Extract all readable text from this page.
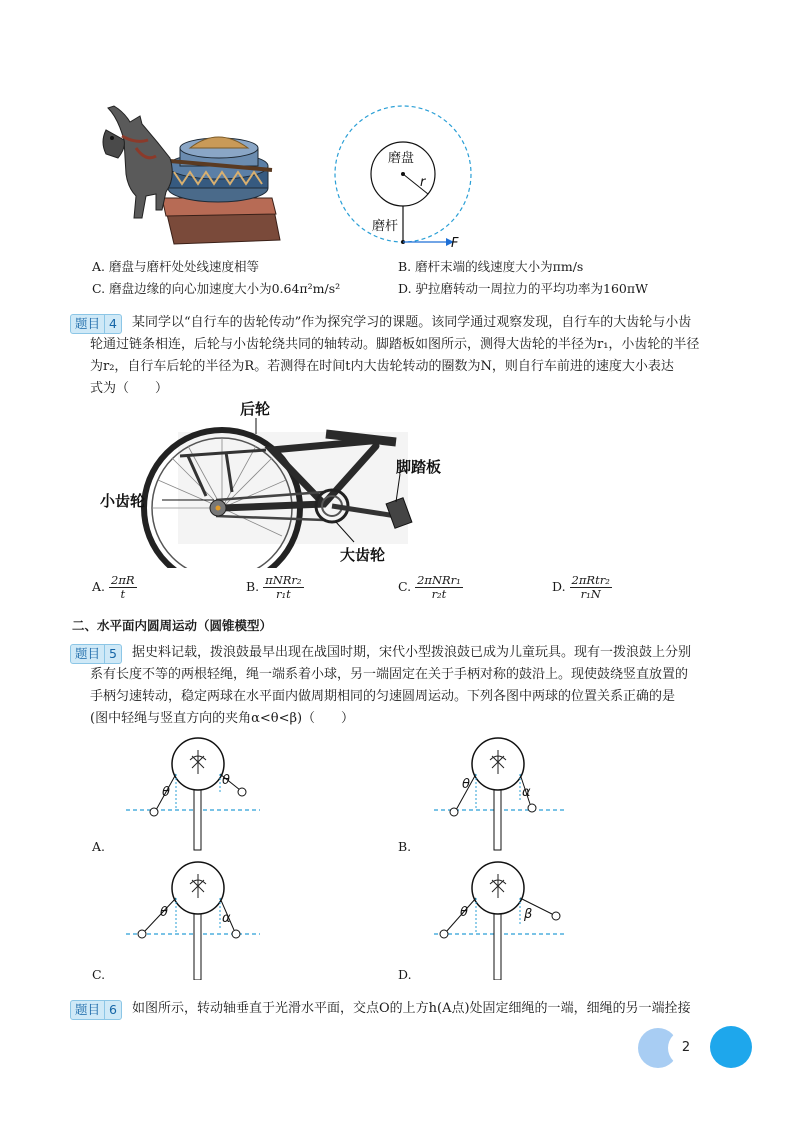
磨盘
r
磨杆
F
A. 磨盘与磨杆处处线速度相等	B. 磨杆末端的线速度大小为πm/s
C. 磨盘边缘的向心加速度大小为0.64π²m/s²	D. 驴拉磨转动一周拉力的平均功率为160πW
题目 4	某同学以“自行车的齿轮传动”作为探究学习的课题。该同学通过观察发现，自行车的大齿轮与小齿
轮通过链条相连，后轮与小齿轮绕共同的轴转动。脚踏板如图所示，测得大齿轮的半径为r₁，小齿轮的半径
为r₂，自行车后轮的半径为R。若测得在时间t内大齿轮转动的圈数为N，则自行车前进的速度大小表达
式为（　　）
后轮
脚踏板
小齿轮
大齿轮
A. $\frac{2\pi R}{t}$	B. $\frac{\text{πNRr₂}}{\text{r₁t}}$	C. $\frac{\text{2πNRr₁}}{\text{r₂t}}$	D. $\frac{\text{2πRtr₂}}{\text{r₁N}}$
二、水平面内圆周运动（圆锥模型）
题目 5	据史料记载，拨浪鼓最早出现在战国时期，宋代小型拨浪鼓已成为儿童玩具。现有一拨浪鼓上分别
系有长度不等的两根轻绳，绳一端系着小球，另一端固定在关于手柄对称的鼓沿上。现使鼓绕竖直放置的
手柄匀速转动，稳定两球在水平面内做周期相同的匀速圆周运动。下列各图中两球的位置关系正确的是
(图中轻绳与竖直方向的夹角α<θ<β)（　　）
θ
θ
A.
θ
α
B.
θ	α
C.
θ	β
D.
题目 6	如图所示，转动轴垂直于光滑水平面，交点O的上方h(A点)处固定细绳的一端，细绳的另一端拴接
2
